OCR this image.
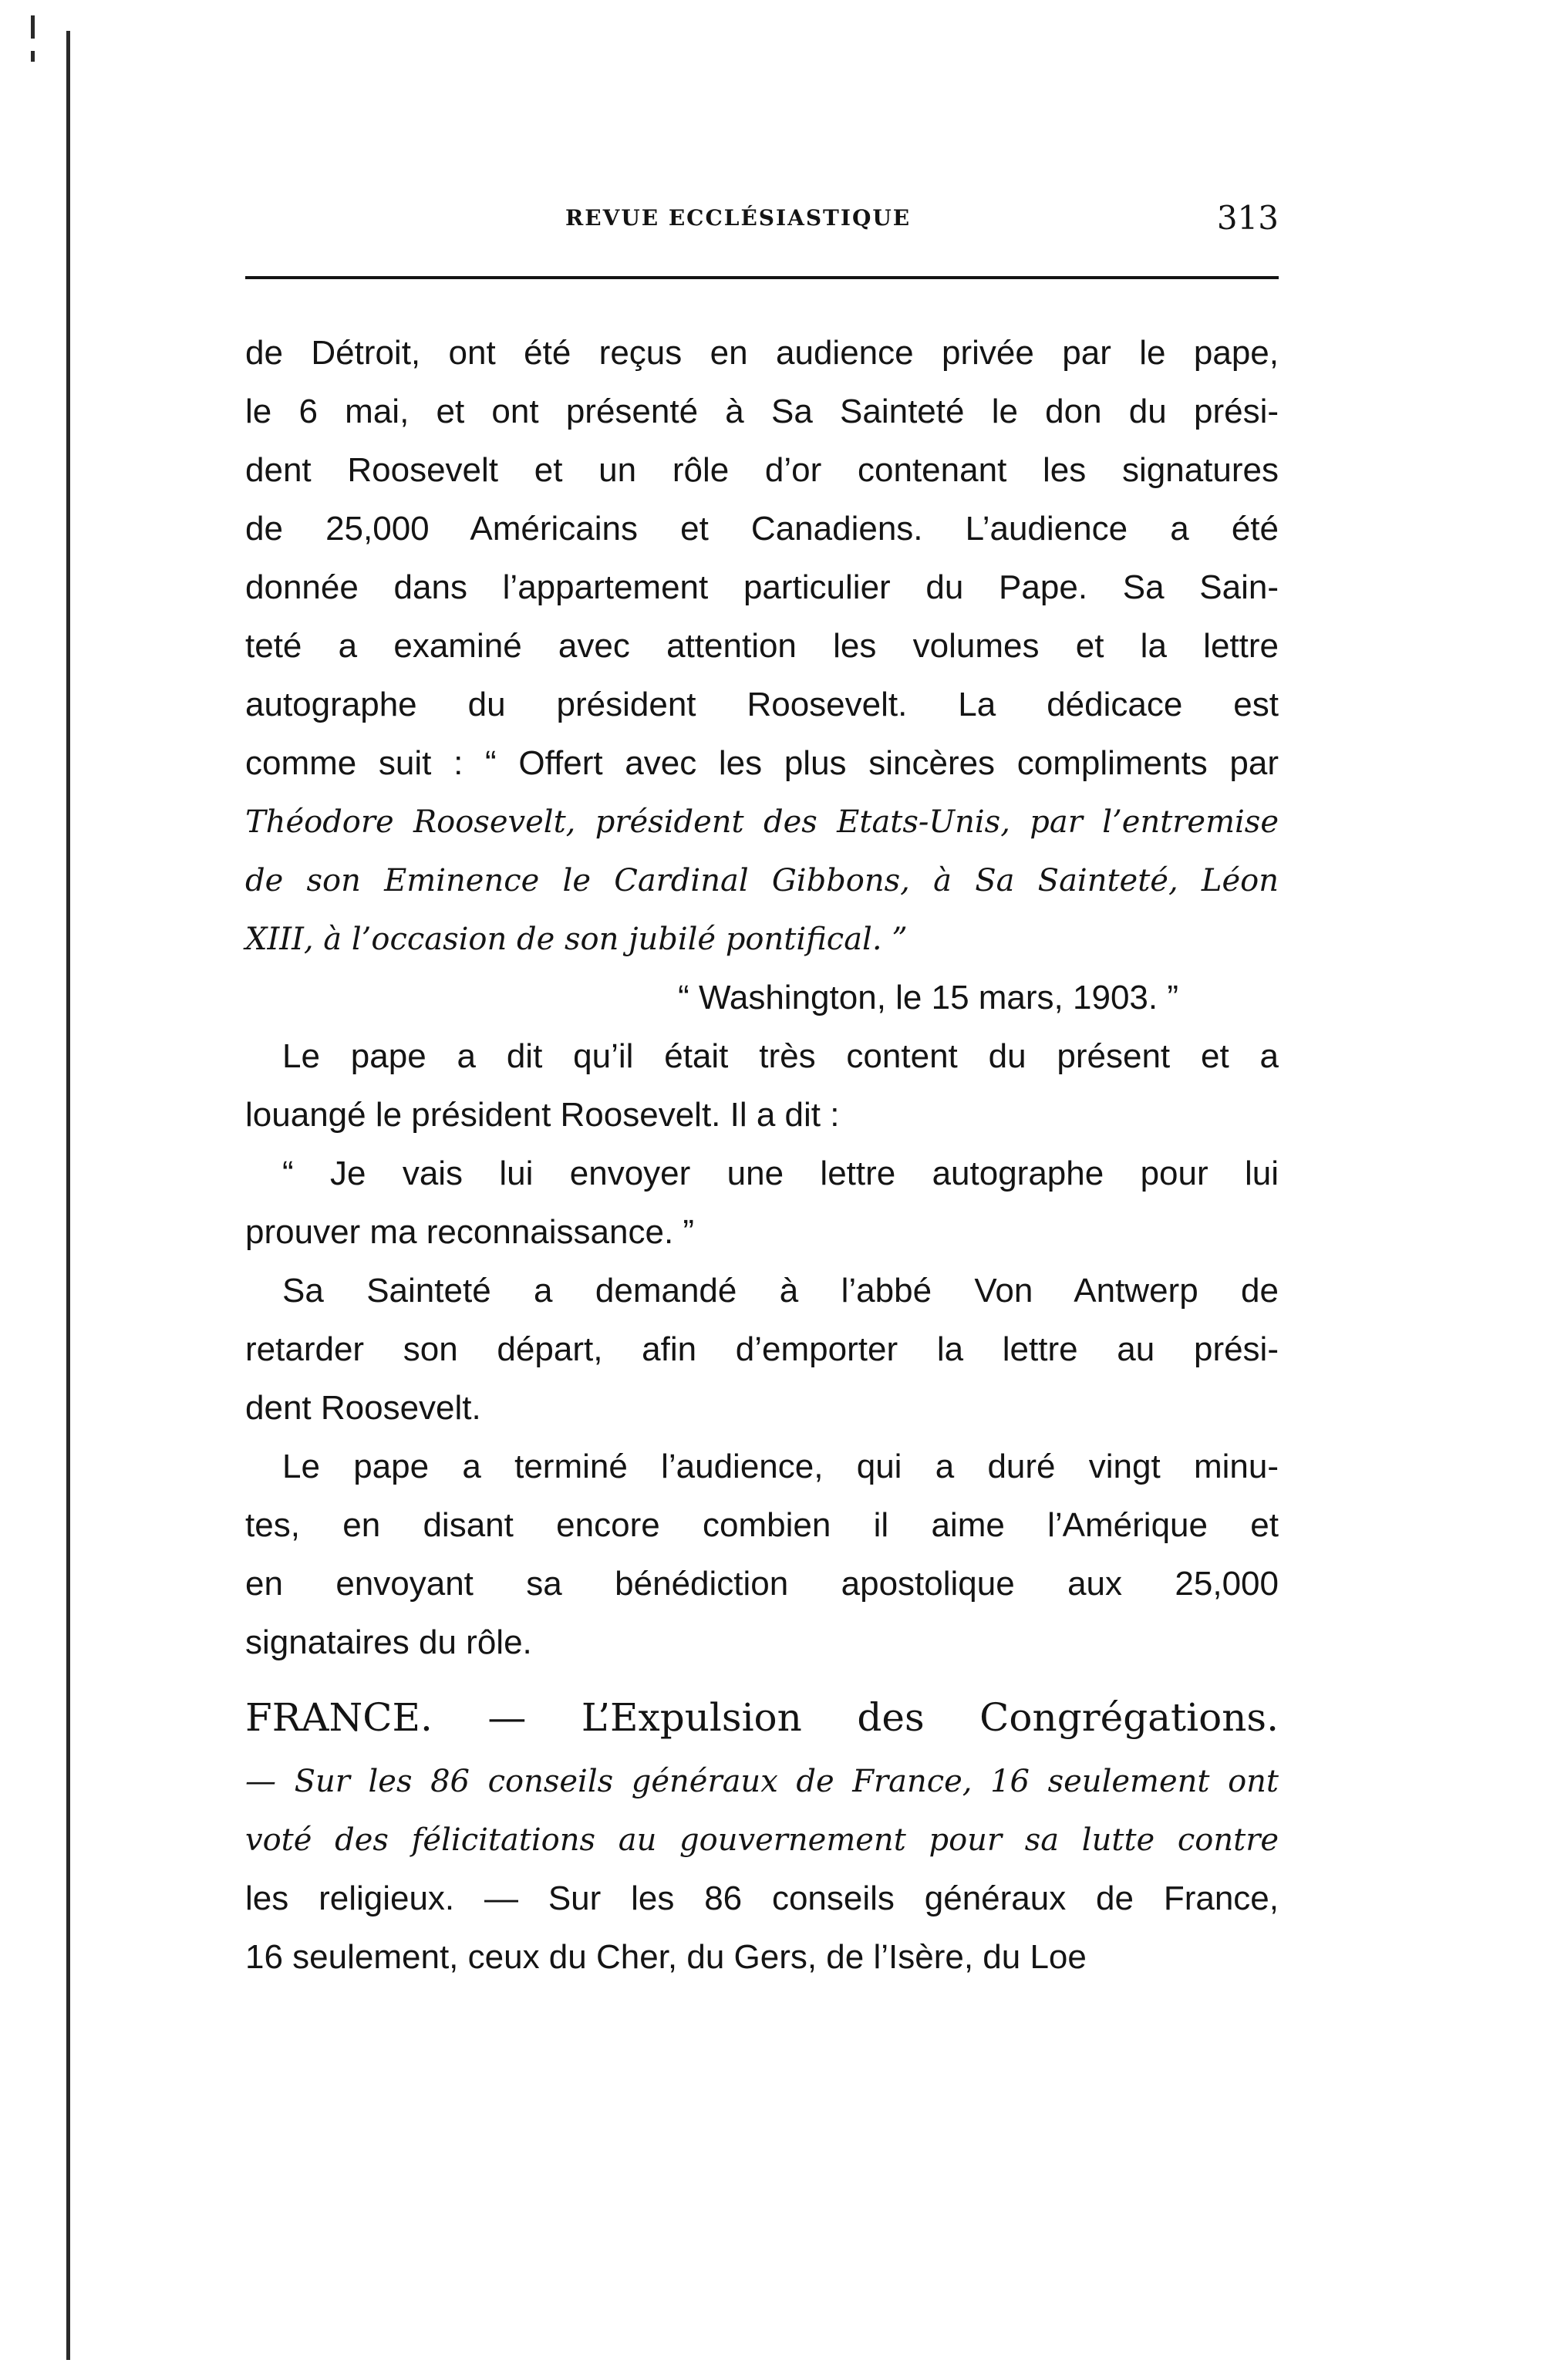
REVUE ECCLÉSIASTIQUE	313
de Détroit, ont été reçus en audience privée par le pape,
le 6 mai, et ont présenté à Sa Sainteté le don du prési-
dent Roosevelt et un rôle d’or contenant les signatures
de 25,000 Américains et Canadiens. L’audience a été
donnée dans l’appartement particulier du Pape. Sa Sain-
teté a examiné avec attention les volumes et la lettre
autographe du président Roosevelt. La dédicace est
comme suit : “ Offert avec les plus sincères compliments par
Théodore Roosevelt, président des Etats-Unis, par l’entremise
de son Eminence le Cardinal Gibbons, à Sa Sainteté, Léon
XIII, à l’occasion de son jubilé pontifical. ”
“ Washington, le 15 mars, 1903. ”
Le pape a dit qu’il était très content du présent et a
louangé le président Roosevelt. Il a dit :
“ Je vais lui envoyer une lettre autographe pour lui
prouver ma reconnaissance. ”
Sa Sainteté a demandé à l’abbé Von Antwerp de
retarder son départ, afin d’emporter la lettre au prési-
dent Roosevelt.
Le pape a terminé l’audience, qui a duré vingt minu-
tes, en disant encore combien il aime l’Amérique et
en envoyant sa bénédiction apostolique aux 25,000
signataires du rôle.
FRANCE. — L’Expulsion des Congrégations.
— Sur les 86 conseils généraux de France, 16 seulement ont
voté des félicitations au gouvernement pour sa lutte contre
les religieux. — Sur les 86 conseils généraux de France,
16 seulement, ceux du Cher, du Gers, de l’Isère, du Loe
